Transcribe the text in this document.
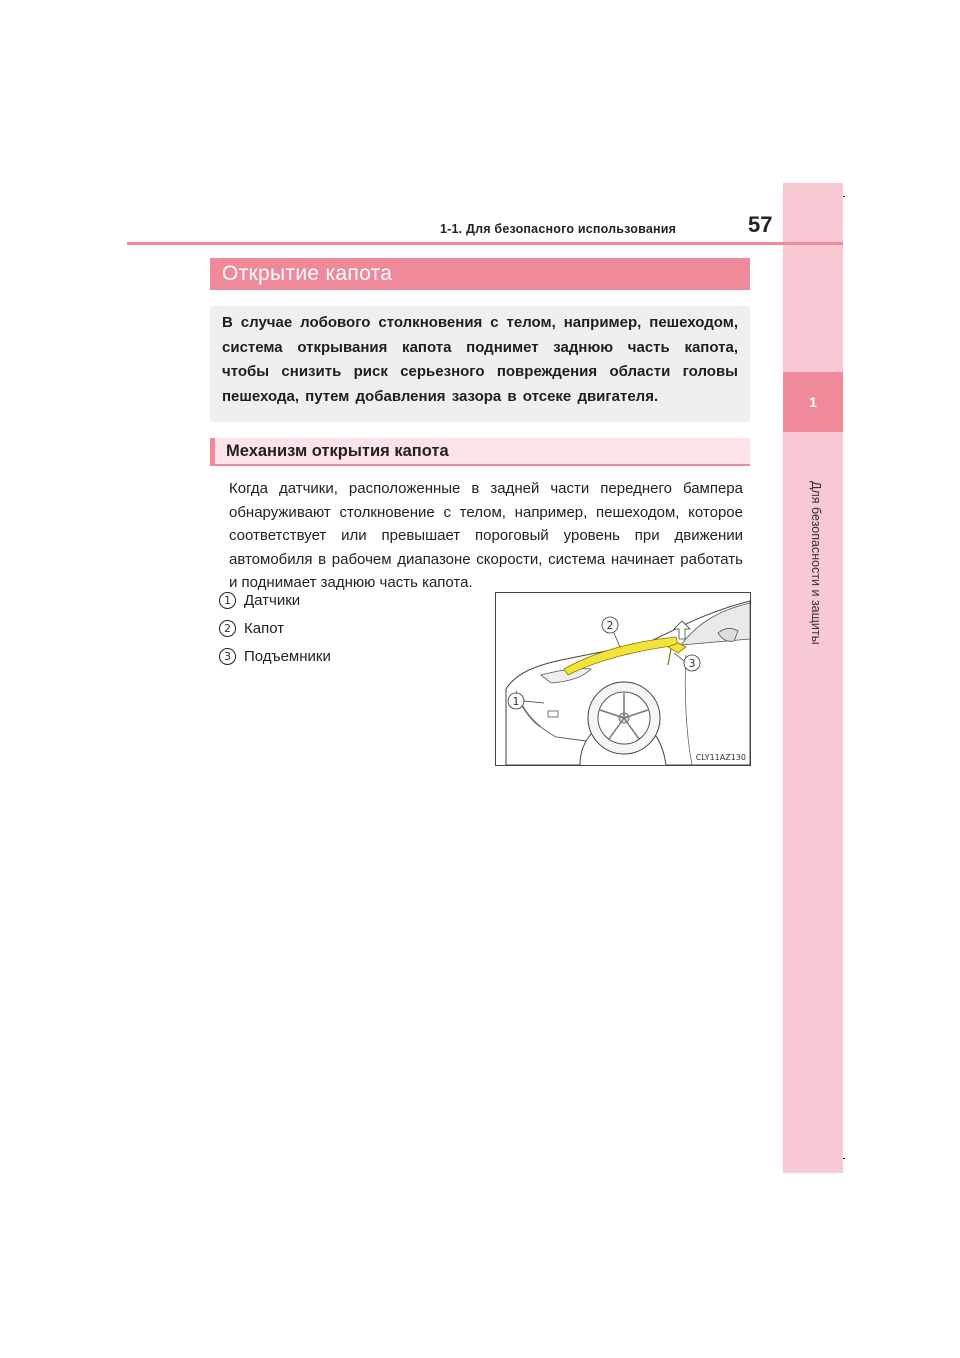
1
Для безопасности и защиты
1-1. Для безопасного использования	57
Открытие капота
В случае лобового столкновения с телом, например, пешеходом, система открывания капота поднимет заднюю часть капота, чтобы снизить риск серьезного повреждения области головы пешехода, путем добавления зазора в отсеке двигателя.
Механизм открытия капота
Когда датчики, расположенные в задней части переднего бампера обнаруживают столкновение с телом, например, пешеходом, которое соответствует или превышает пороговый уровень при движении автомобиля в рабочем диапазоне скорости, система начинает работать и поднимает заднюю часть капота.
1 Датчики
2 Капот
3 Подъемники
2
3
1
CLY11AZ130
